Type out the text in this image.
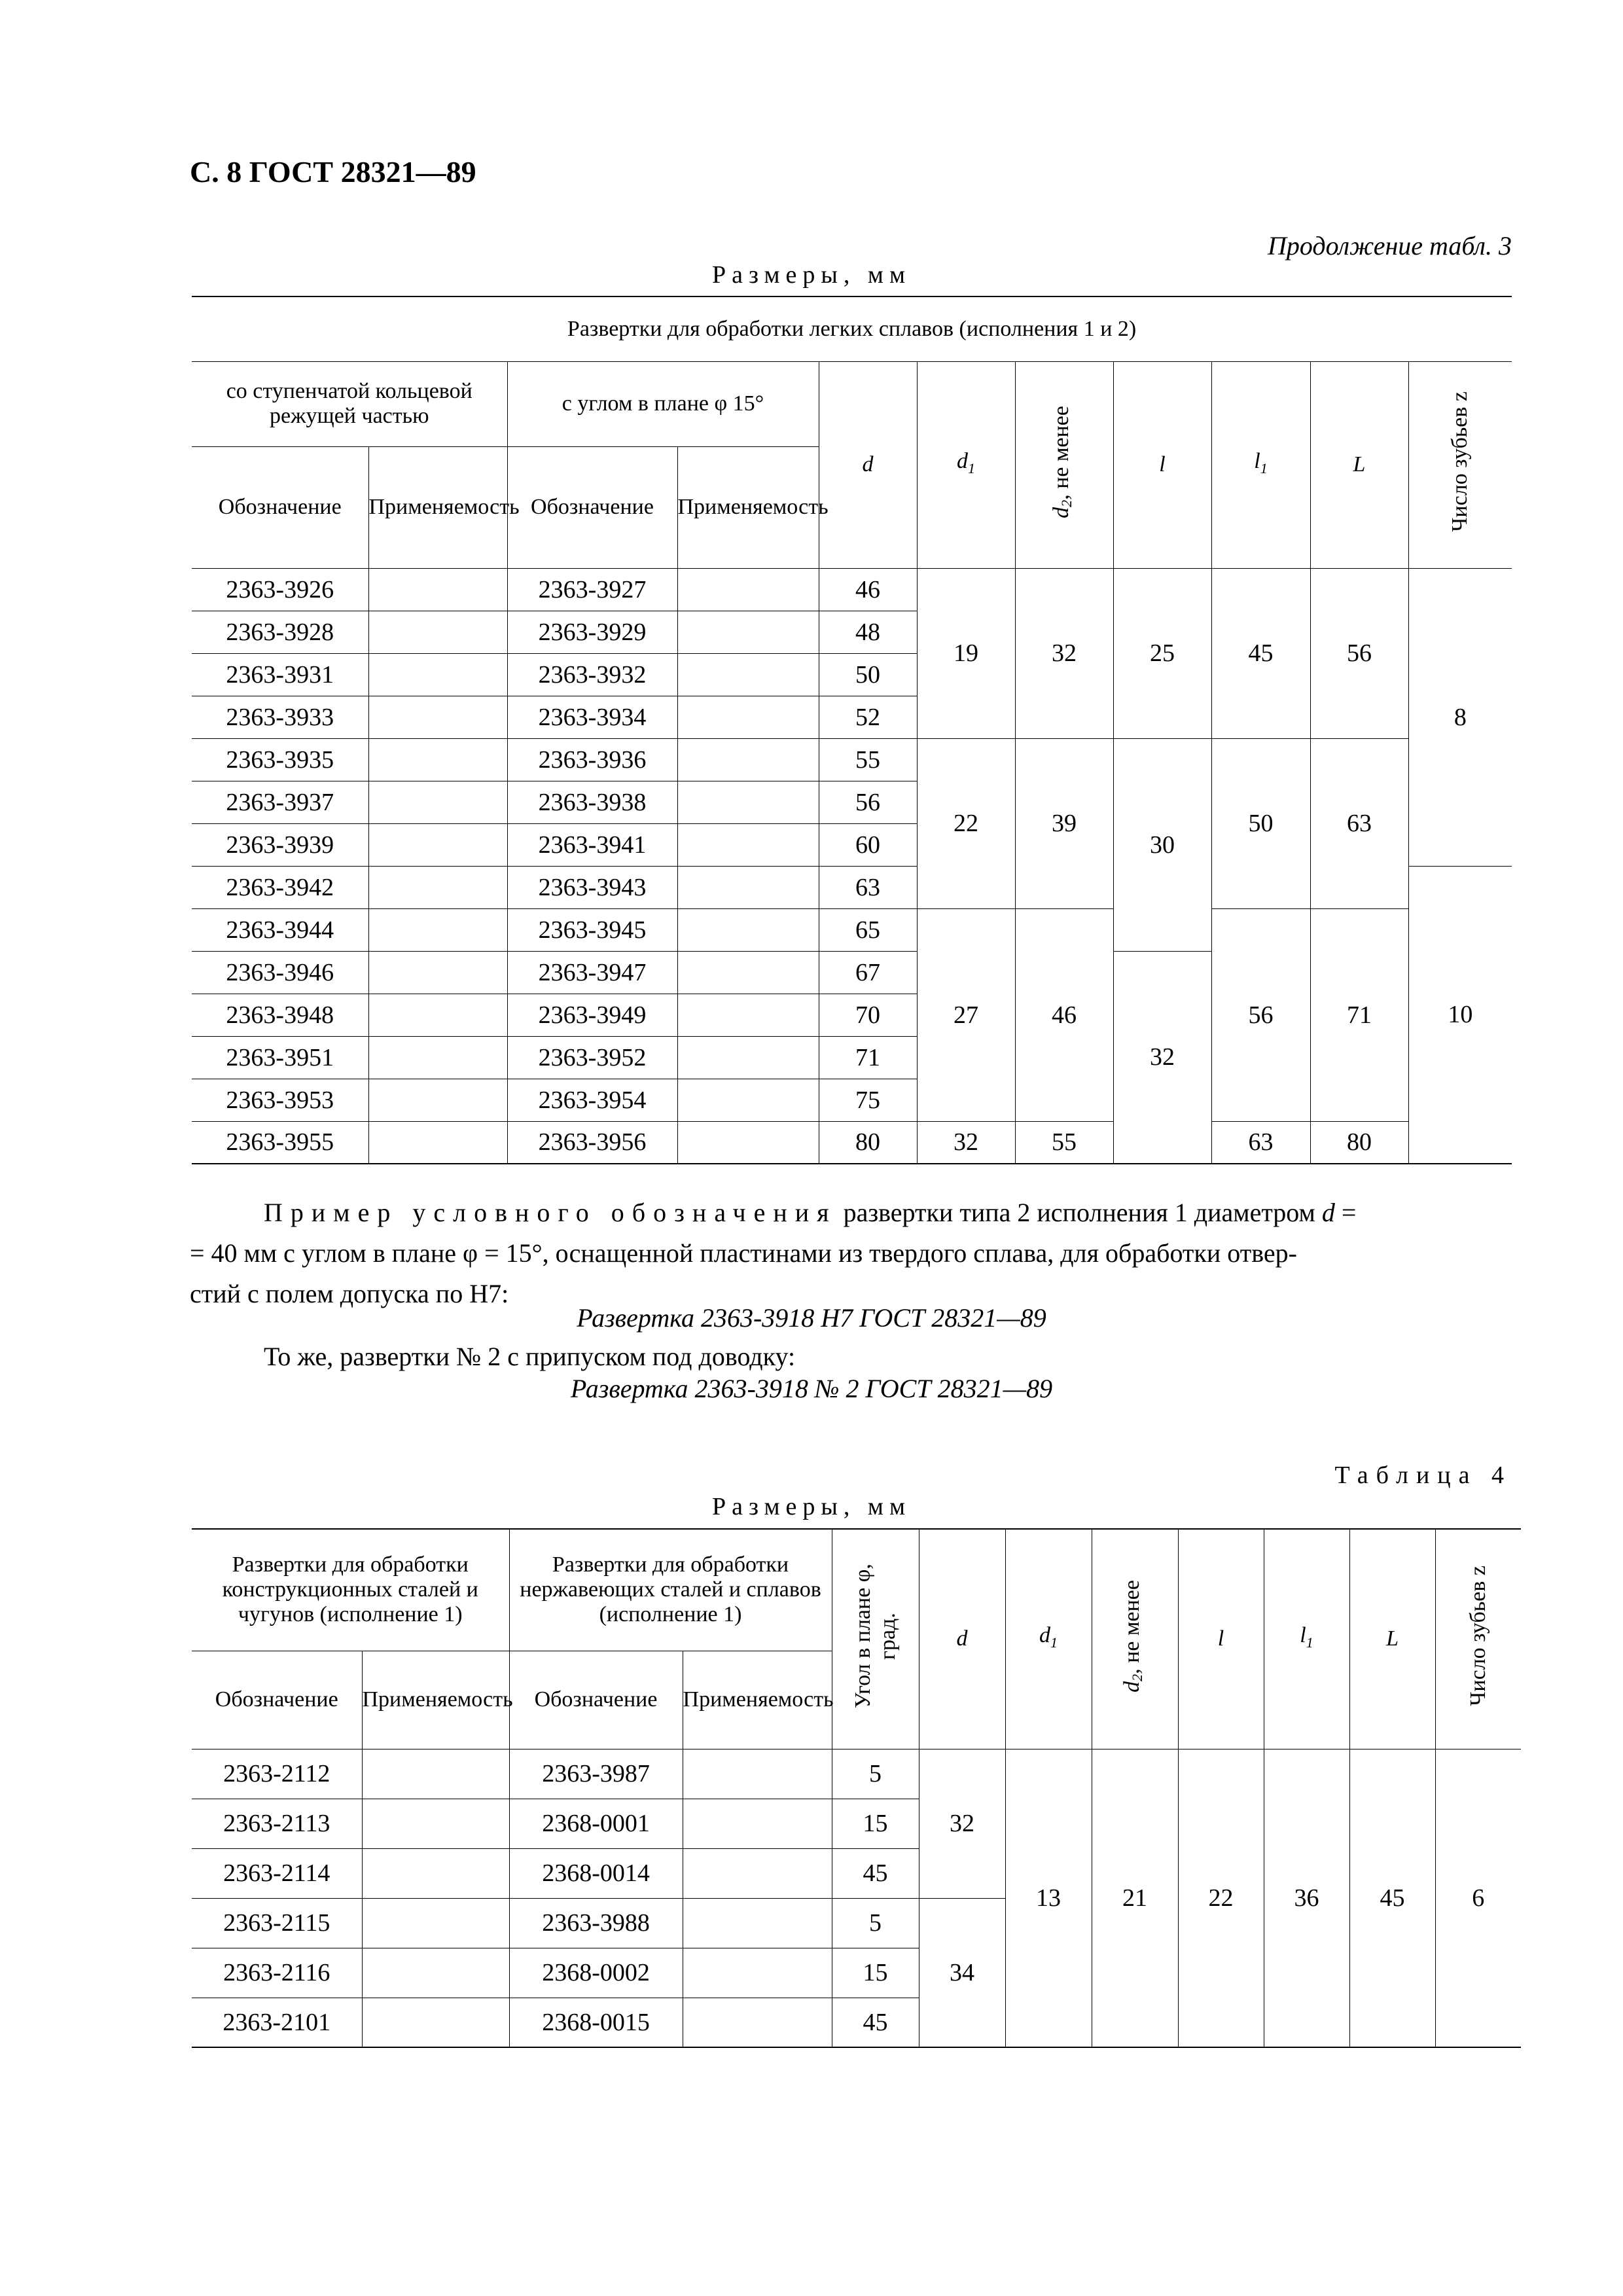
С. 8 ГОСТ 28321—89
Продолжение табл. 3
Размеры, мм
Развертки для обработки легких сплавов (исполнения 1 и 2)										
со ступенчатой кольцевой режущей частью		с углом в плане φ 15°		d	$d_1$	$d_2$, не менее	l	$l_1$	L	Число зубьев z
Обозначение	Применяемость	Обозначение	Применяемость							
2363-3926		2363-3927		46	19	32	25	45	56	8
2363-3928		2363-3929		48						
2363-3931		2363-3932		50						
2363-3933		2363-3934		52						
2363-3935		2363-3936		55	22	39	30	50	63	
2363-3937		2363-3938		56						
2363-3939		2363-3941		60						
2363-3942		2363-3943		63						10
2363-3944		2363-3945		65	27	46		56	71	
2363-3946		2363-3947		67			32			
2363-3948		2363-3949		70						
2363-3951		2363-3952		71						
2363-3953		2363-3954		75						
2363-3955		2363-3956		80	32	55		63	80	
Пример условного обозначения развертки типа 2 исполнения 1 диаметром d =
= 40 мм с углом в плане φ = 15°, оснащенной пластинами из твердого сплава, для обработки отвер-
стий с полем допуска по Н7:
Развертка 2363-3918 Н7 ГОСТ 28321—89
То же, развертки № 2 с припуском под доводку:
Развертка 2363-3918 № 2 ГОСТ 28321—89
Таблица 4
Размеры, мм
Развертки для обработки конструкционных сталей и чугунов (исполнение 1)		Развертки для обработки нержавеющих сталей и сплавов (исполнение 1)		Угол в плане φ, град.	d	$d_1$	$d_2$, не менее	l	$l_1$	L	Число зубьев z
Обозначение	Применяемость	Обозначение	Применяемость								
2363-2112		2363-3987		5	32	13	21	22	36	45	6
2363-2113		2368-0001		15							
2363-2114		2368-0014		45							
2363-2115		2363-3988		5	34						
2363-2116		2368-0002		15							
2363-2101		2368-0015		45							
